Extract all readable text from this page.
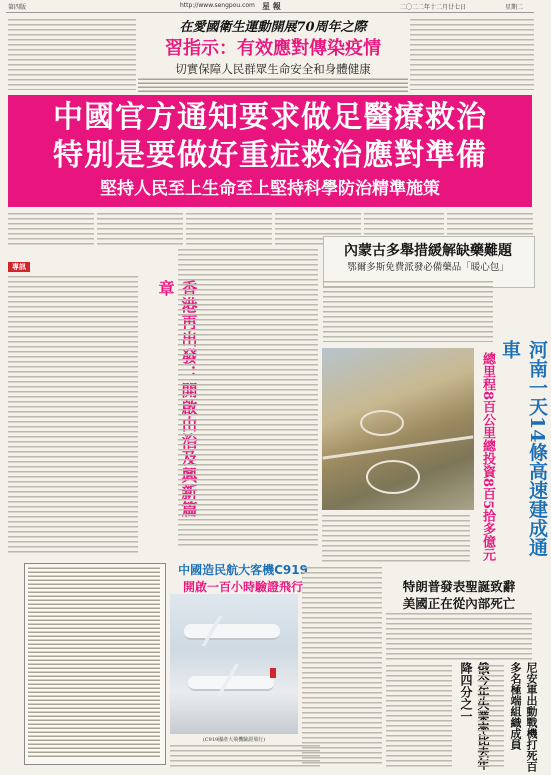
第四版	http://www.sengpou.com 星 報	二〇二二年十二月廿七日	星期二
在愛國衛生運動開展70周年之際
習指示：有效應對傳染疫情
切實保障人民群眾生命安全和身體健康
中國官方通知要求做足醫療救治
特別是要做好重症救治應對準備
堅持人民至上生命至上堅持科學防治精準施策
專訊
香港再出發：開啟由治及興新篇章
內蒙古多舉措緩解缺藥難題
鄂爾多斯免費派發必備藥品「暖心包」
河南一天14條高速建成通車
總里程8百公里總投資8百5拾多億元
中國造民航大客機C919
開啟一百小時驗證飛行
(C919國產大飛機驗證飛行)
特朗普發表聖誕致辭
美國正在從內部死亡
俄今年失業率比去年降四分之一	尼安軍出動戰機打死百多名極端組織成員
